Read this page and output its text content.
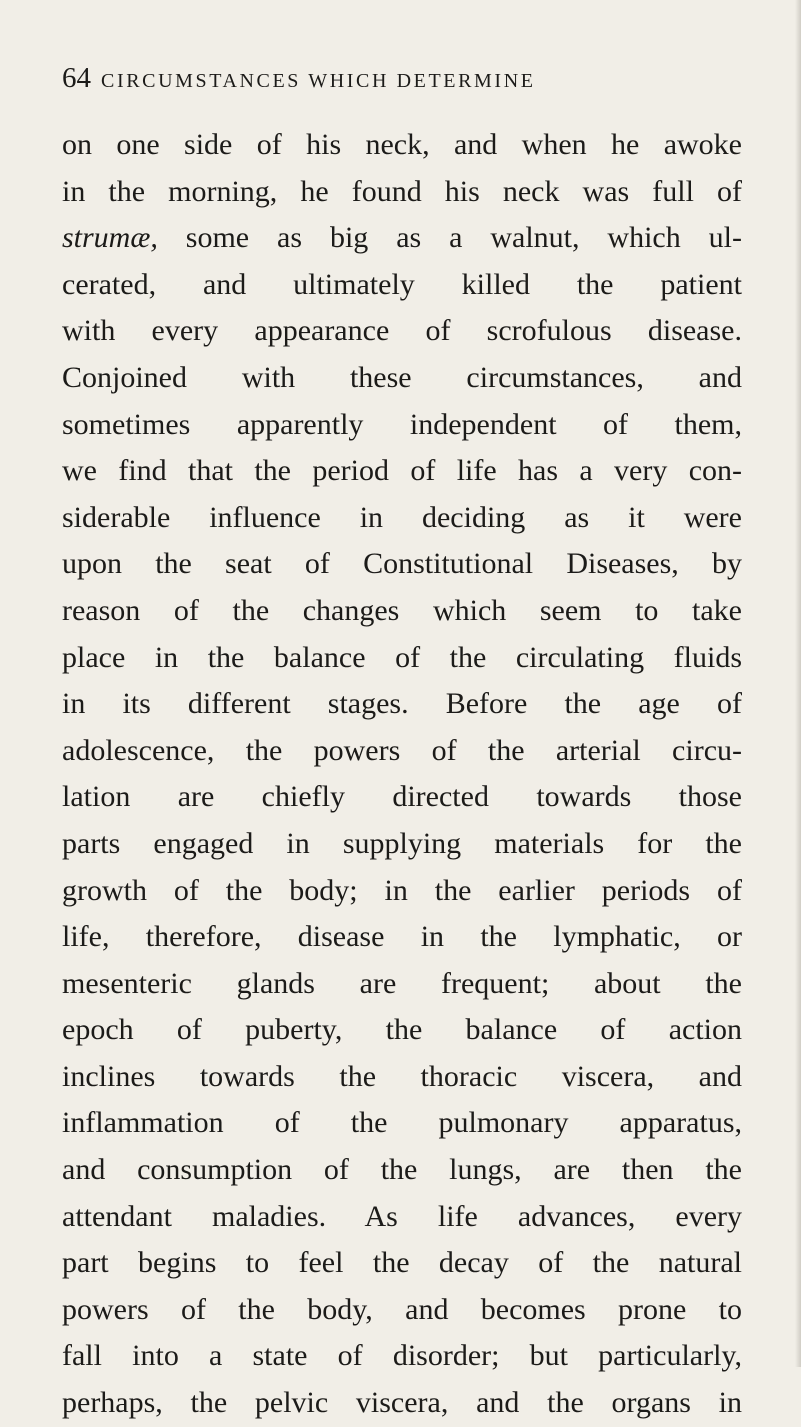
64 CIRCUMSTANCES WHICH DETERMINE
on one side of his neck, and when he awoke
in the morning, he found his neck was full of
strumæ, some as big as a walnut, which ul-
cerated, and ultimately killed the patient
with every appearance of scrofulous disease.
Conjoined with these circumstances, and
sometimes apparently independent of them,
we find that the period of life has a very con-
siderable influence in deciding as it were
upon the seat of Constitutional Diseases, by
reason of the changes which seem to take
place in the balance of the circulating fluids
in its different stages. Before the age of
adolescence, the powers of the arterial circu-
lation are chiefly directed towards those
parts engaged in supplying materials for the
growth of the body; in the earlier periods of
life, therefore, disease in the lymphatic, or
mesenteric glands are frequent; about the
epoch of puberty, the balance of action
inclines towards the thoracic viscera, and
inflammation of the pulmonary apparatus,
and consumption of the lungs, are then the
attendant maladies. As life advances, every
part begins to feel the decay of the natural
powers of the body, and becomes prone to
fall into a state of disorder; but particularly,
perhaps, the pelvic viscera, and the organs in
